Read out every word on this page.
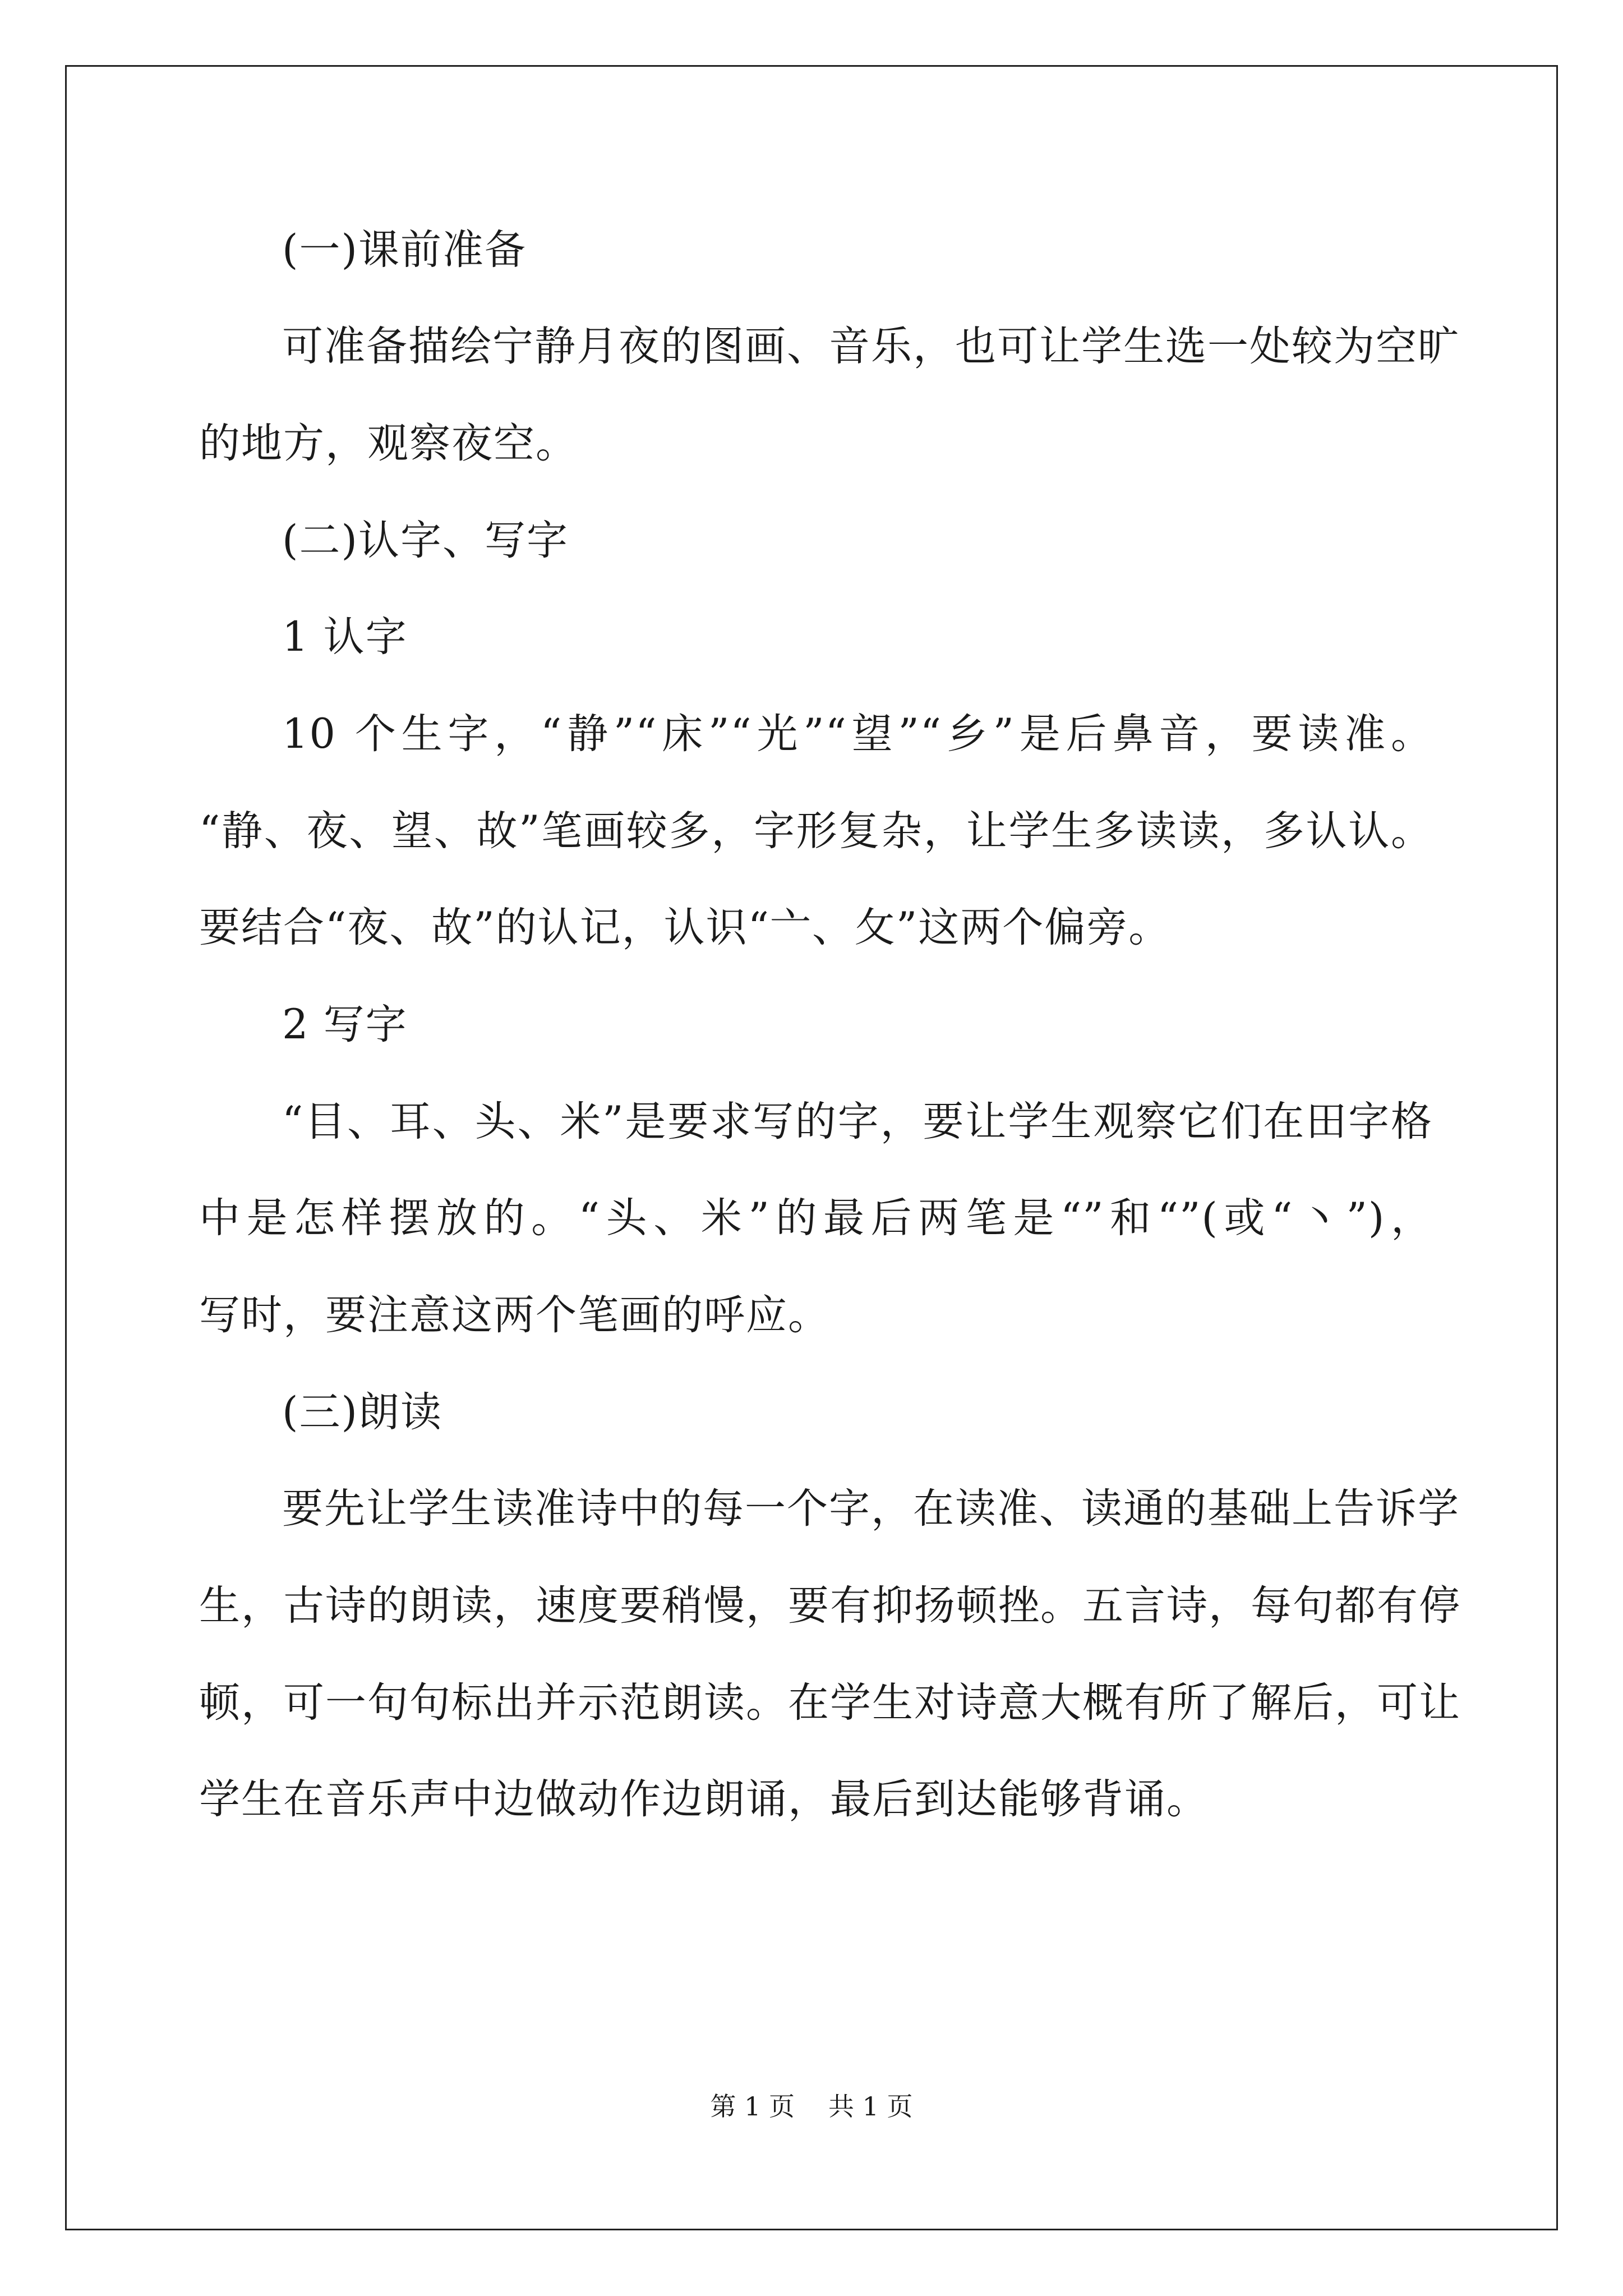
(一)课前准备
可准备描绘宁静月夜的图画、音乐，也可让学生选一处较为空旷
的地方，观察夜空。
(二)认字、写字
1 认字
10 个生字，“静”“床”“光”“望”“乡”是后鼻音，要读准。
“静、夜、望、故”笔画较多，字形复杂，让学生多读读，多认认。
要结合“夜、故”的认记，认识“亠、攵”这两个偏旁。
2 写字
“目、耳、头、米”是要求写的字，要让学生观察它们在田字格
中是怎样摆放的。“头、米”的最后两笔是“”和“”(或“丶”)，
写时，要注意这两个笔画的呼应。
(三)朗读
要先让学生读准诗中的每一个字，在读准、读通的基础上告诉学
生，古诗的朗读，速度要稍慢，要有抑扬顿挫。五言诗，每句都有停
顿，可一句句标出并示范朗读。在学生对诗意大概有所了解后，可让
学生在音乐声中边做动作边朗诵，最后到达能够背诵。
第 1 页 共 1 页
